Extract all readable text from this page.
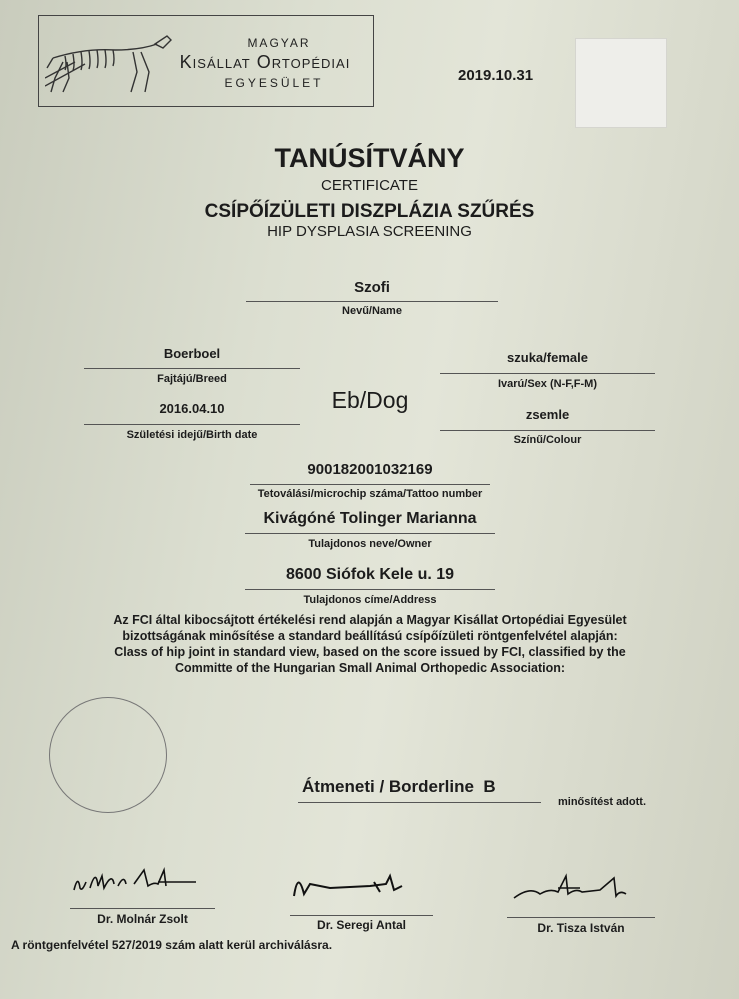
MAGYAR
Kisállat Ortopédiai
EGYESÜLET	2019.10.31
TANÚSÍTVÁNY
CERTIFICATE
CSÍPŐÍZÜLETI DISZPLÁZIA SZŰRÉS
HIP DYSPLASIA SCREENING
Szofi
Nevű/Name
Boerboel
Fajtájú/Breed
szuka/female
Ivarú/Sex (N-F,F-M)
Eb/Dog
2016.04.10
Születési idejű/Birth date
zsemle
Színű/Colour
900182001032169
Tetoválási/microchip száma/Tattoo number
Kivágóné Tolinger Marianna
Tulajdonos neve/Owner
8600 Siófok Kele u. 19
Tulajdonos címe/Address
Az FCI által kibocsájtott értékelési rend alapján a Magyar Kisállat Ortopédiai Egyesület
bizottságának minősítése a standard beállítású csípőízületi röntgenfelvétel alapján:
Class of hip joint in standard view, based on the score issued by FCI, classified by the
Committe of the Hungarian Small Animal Orthopedic Association:
Átmeneti / Borderline  B
minősítést adott.
Dr. Molnár Zsolt	Dr. Seregi Antal	Dr. Tisza István
A röntgenfelvétel 527/2019 szám alatt kerül archiválásra.
